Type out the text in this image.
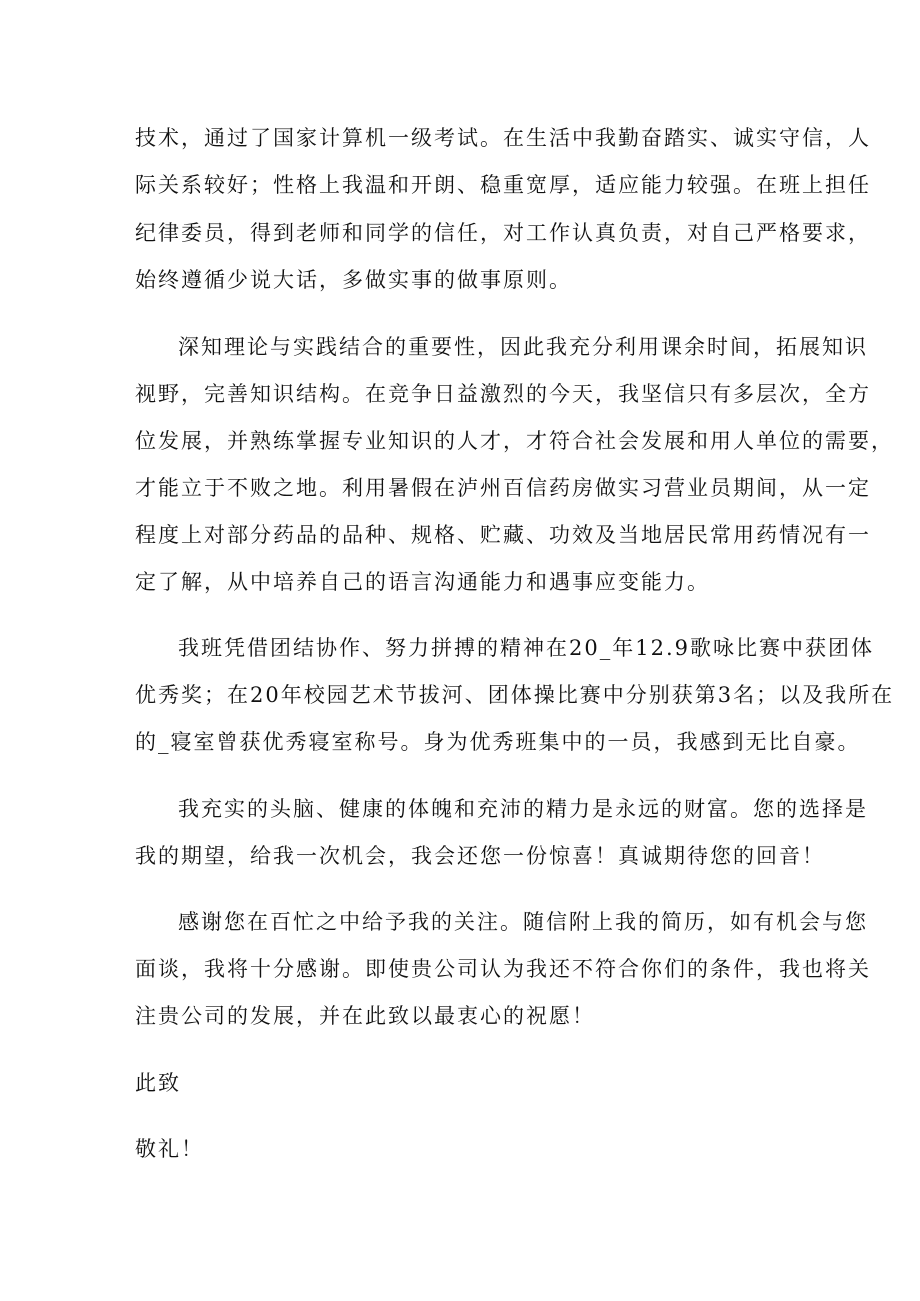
技术，通过了国家计算机一级考试。在生活中我勤奋踏实、诚实守信，人
际关系较好；性格上我温和开朗、稳重宽厚，适应能力较强。在班上担任
纪律委员，得到老师和同学的信任，对工作认真负责，对自己严格要求，
始终遵循少说大话，多做实事的做事原则。
深知理论与实践结合的重要性，因此我充分利用课余时间，拓展知识
视野，完善知识结构。在竞争日益激烈的今天，我坚信只有多层次，全方
位发展，并熟练掌握专业知识的人才，才符合社会发展和用人单位的需要，
才能立于不败之地。利用暑假在泸州百信药房做实习营业员期间，从一定
程度上对部分药品的品种、规格、贮藏、功效及当地居民常用药情况有一
定了解，从中培养自己的语言沟通能力和遇事应变能力。
我班凭借团结协作、努力拼搏的精神在20_年12.9歌咏比赛中获团体
优秀奖；在20年校园艺术节拔河、团体操比赛中分别获第3名；以及我所在
的_寝室曾获优秀寝室称号。身为优秀班集中的一员，我感到无比自豪。
我充实的头脑、健康的体魄和充沛的精力是永远的财富。您的选择是
我的期望，给我一次机会，我会还您一份惊喜！真诚期待您的回音！
感谢您在百忙之中给予我的关注。随信附上我的简历，如有机会与您
面谈，我将十分感谢。即使贵公司认为我还不符合你们的条件，我也将关
注贵公司的发展，并在此致以最衷心的祝愿！
此致
敬礼！
